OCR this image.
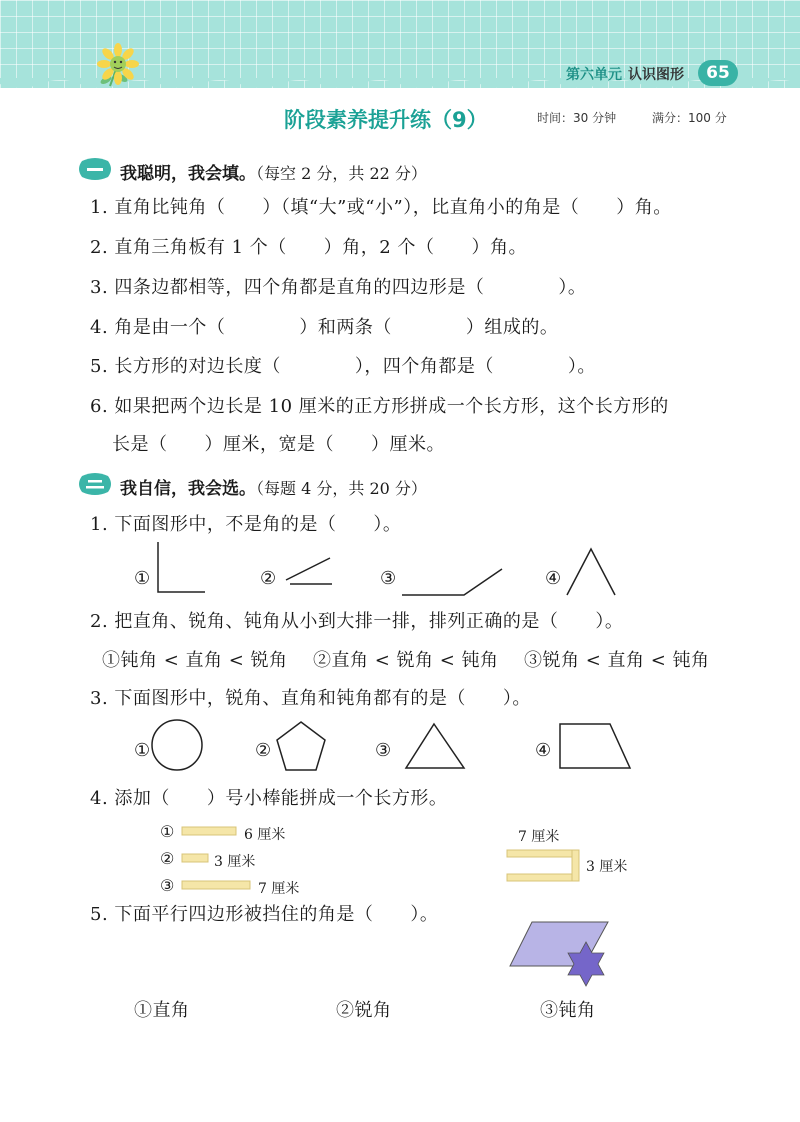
第六单元 认识图形	65
阶段素养提升练（9）	时间：30 分钟	满分：100 分
我聪明，我会填。（每空 2 分，共 22 分）
1. 直角比钝角（　　）（填“大”或“小”），比直角小的角是（　　）角。
2. 直角三角板有 1 个（　　）角，2 个（　　）角。
3. 四条边都相等，四个角都是直角的四边形是（　　　　）。
4. 角是由一个（　　　　）和两条（　　　　）组成的。
5. 长方形的对边长度（　　　　），四个角都是（　　　　）。
6. 如果把两个边长是 10 厘米的正方形拼成一个长方形，这个长方形的
长是（　　）厘米，宽是（　　）厘米。
我自信，我会选。（每题 4 分，共 20 分）
1. 下面图形中，不是角的是（　　）。
①	②	③	④
2. 把直角、锐角、钝角从小到大排一排，排列正确的是（　　）。
①钝角 < 直角 < 锐角 ②直角 < 锐角 < 钝角 ③锐角 < 直角 < 钝角
3. 下面图形中，锐角、直角和钝角都有的是（　　）。
①	②	③	④
4. 添加（　　）号小棒能拼成一个长方形。
①	6 厘米
②	3 厘米
③	7 厘米
7 厘米
3 厘米
5. 下面平行四边形被挡住的角是（　　）。
①直角	②锐角	③钝角
